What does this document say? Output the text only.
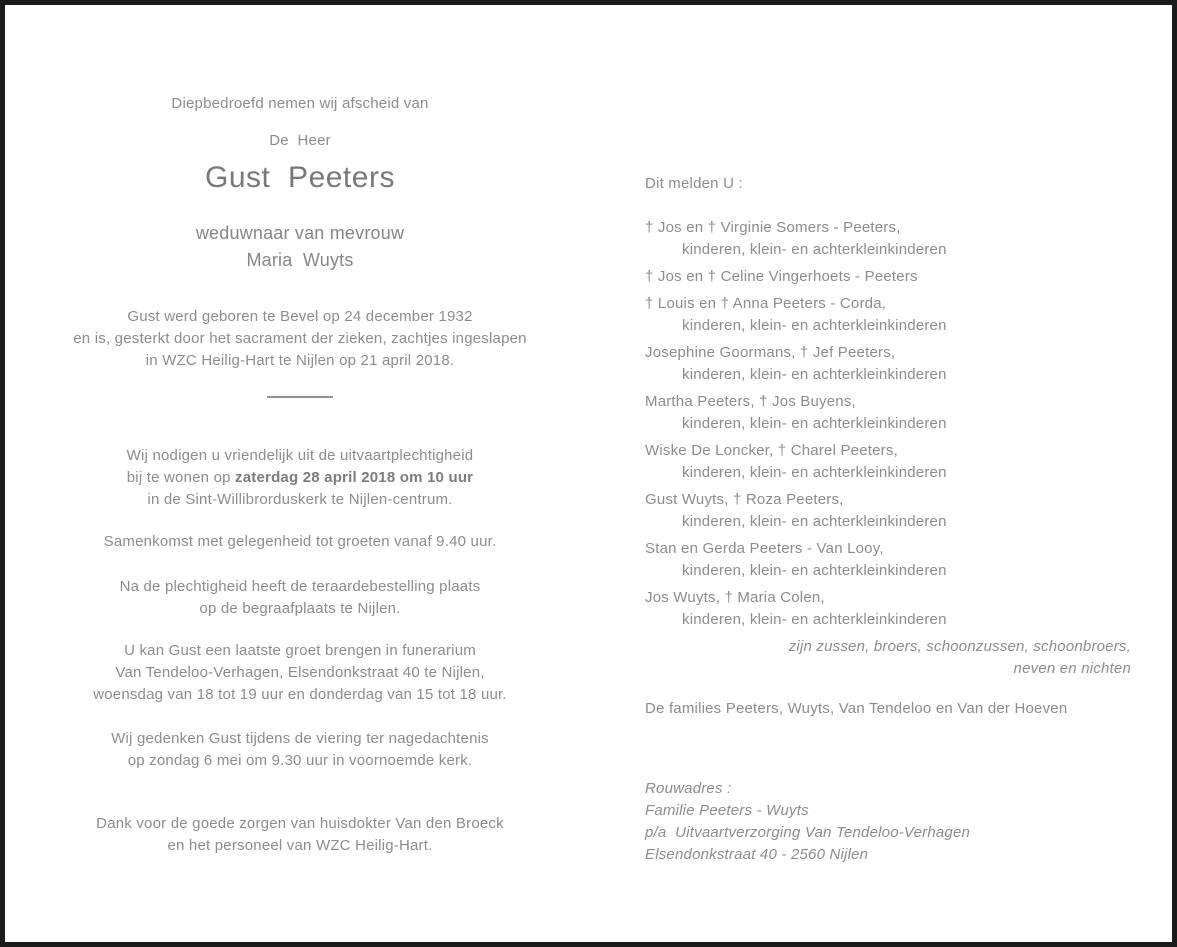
Diepbedroefd nemen wij afscheid van

De  Heer

Gust  Peeters
weduwnaar van mevrouw
Maria  Wuyts
Gust werd geboren te Bevel op 24 december 1932
en is, gesterkt door het sacrament der zieken, zachtjes ingeslapen
in WZC Heilig-Hart te Nijlen op 21 april 2018.
Wij nodigen u vriendelijk uit de uitvaartplechtigheid
bij te wonen op zaterdag 28 april 2018 om 10 uur
in de Sint-Willibrorduskerk te Nijlen-centrum.

Samenkomst met gelegenheid tot groeten vanaf 9.40 uur.

Na de plechtigheid heeft de teraardebestelling plaats
op de begraafplaats te Nijlen.
U kan Gust een laatste groet brengen in funerarium
Van Tendeloo-Verhagen, Elsendonkstraat 40 te Nijlen,
woensdag van 18 tot 19 uur en donderdag van 15 tot 18 uur.
Wij gedenken Gust tijdens de viering ter nagedachtenis
op zondag 6 mei om 9.30 uur in voornoemde kerk.
Dank voor de goede zorgen van huisdokter Van den Broeck
en het personeel van WZC Heilig-Hart.

Dit melden U :

† Jos en † Virginie Somers - Peeters,
kinderen, klein- en achterkleinkinderen
† Jos en † Celine Vingerhoets - Peeters
† Louis en † Anna Peeters - Corda,
kinderen, klein- en achterkleinkinderen
Josephine Goormans, † Jef Peeters,
kinderen, klein- en achterkleinkinderen
Martha Peeters, † Jos Buyens,
kinderen, klein- en achterkleinkinderen
Wiske De Loncker, † Charel Peeters,
kinderen, klein- en achterkleinkinderen
Gust Wuyts, † Roza Peeters,
kinderen, klein- en achterkleinkinderen
Stan en Gerda Peeters - Van Looy,
kinderen, klein- en achterkleinkinderen
Jos Wuyts, † Maria Colen,
kinderen, klein- en achterkleinkinderen
zijn zussen, broers, schoonzussen, schoonbroers,
neven en nichten

De families Peeters, Wuyts, Van Tendeloo en Van der Hoeven

Rouwadres :
Familie Peeters - Wuyts
p/a  Uitvaartverzorging Van Tendeloo-Verhagen
Elsendonkstraat 40 - 2560 Nijlen
